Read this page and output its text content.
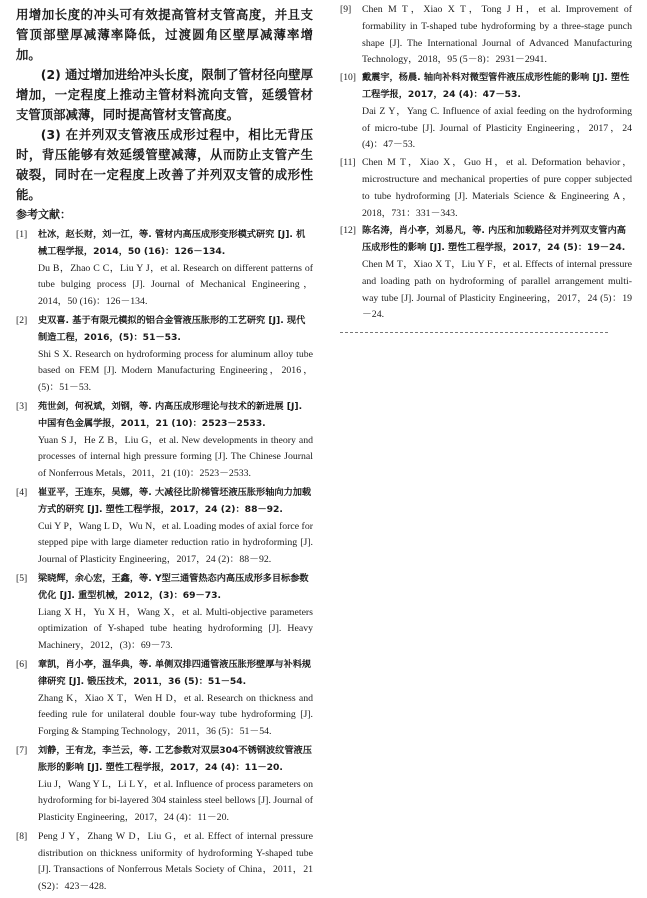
用增加长度的冲头可有效提高管材支管高度，并且支管顶部壁厚减薄率降低，过渡圆角区壁厚减薄率增加。

(2) 通过增加进给冲头长度，限制了管材径向壁厚增加，一定程度上推动主管材料流向支管，延缓管材支管顶部减薄，同时提高管材支管高度。

(3) 在并列双支管液压成形过程中，相比无背压时，背压能够有效延缓管壁减薄，从而防止支管产生破裂，同时在一定程度上改善了并列双支管的成形性能。

参考文献：
[1]	杜冰，赵长财，刘一江，等. 管材内高压成形变形模式研究 [J]. 机械工程学报，2014，50 (16)：126－134.

Du B，Zhao C C，Liu Y J，et al. Research on different patterns of tube bulging process [J]. Journal of Mechanical Engineering，2014，50 (16)：126－134.

[2]	史双喜. 基于有限元模拟的铝合金管液压胀形的工艺研究 [J]. 现代制造工程，2016，(5)：51－53.

Shi S X. Research on hydroforming process for aluminum alloy tube based on FEM [J]. Modern Manufacturing Engineering，2016，(5)：51－53.

[3]	苑世剑，何祝斌，刘钢，等. 内高压成形理论与技术的新进展 [J]. 中国有色金属学报，2011，21 (10)：2523－2533.

Yuan S J，He Z B，Liu G，et al. New developments in theory and processes of internal high pressure forming [J]. The Chinese Journal of Nonferrous Metals，2011，21 (10)：2523－2533.

[4]	崔亚平，王连东，吴娜，等. 大减径比阶梯管坯液压胀形轴向力加载方式的研究 [J]. 塑性工程学报，2017，24 (2)：88－92.

Cui Y P，Wang L D，Wu N，et al. Loading modes of axial force for stepped pipe with large diameter reduction ratio in hydroforming [J]. Journal of Plasticity Engineering，2017，24 (2)：88－92.

[5]	梁晓辉，余心宏，王鑫，等. Y型三通管热态内高压成形多目标参数优化 [J]. 重型机械，2012，(3)：69－73.

Liang X H，Yu X H，Wang X，et al. Multi-objective parameters optimization of Y-shaped tube heating hydroforming [J]. Heavy Machinery，2012，(3)：69－73.

[6]	章凯，肖小亭，温华典，等. 单侧双排四通管液压胀形壁厚与补料规律研究 [J]. 锻压技术，2011，36 (5)：51－54.

Zhang K，Xiao X T，Wen H D，et al. Research on thickness and feeding rule for unilateral double four-way tube hydroforming [J]. Forging & Stamping Technology，2011，36 (5)：51－54.

[7]	刘静，王有龙，李兰云，等. 工艺参数对双层304不锈钢波纹管液压胀形的影响 [J]. 塑性工程学报，2017，24 (4)：11－20.

Liu J，Wang Y L，Li L Y，et al. Influence of process parameters on hydroforming for bi-layered 304 stainless steel bellows [J]. Journal of Plasticity Engineering，2017，24 (4)：11－20.

[8]	Peng J Y，Zhang W D，Liu G，et al. Effect of internal pressure distribution on thickness uniformity of hydroforming Y-shaped tube [J]. Transactions of Nonferrous Metals Society of China，2011，21 (S2)：423－428.

[9]	Chen M T，Xiao X T，Tong J H，et al. Improvement of formability in T-shaped tube hydroforming by a three-stage punch shape [J]. The International Journal of Advanced Manufacturing Technology，2018，95 (5－8)：2931－2941.

[10] 戴震宇，杨晨. 轴向补料对微型管件液压成形性能的影响 [J]. 塑性工程学报，2017，24 (4)：47－53.

Dai Z Y，Yang C. Influence of axial feeding on the hydroforming of micro-tube [J]. Journal of Plasticity Engineering，2017，24 (4)：47－53.

[11] Chen M T，Xiao X，Guo H，et al. Deformation behavior，microstructure and mechanical properties of pure copper subjected to tube hydroforming [J]. Materials Science & Engineering A，2018，731：331－343.

[12] 陈名涛，肖小亭，刘易凡，等. 内压和加载路径对并列双支管内高压成形性的影响 [J]. 塑性工程学报，2017，24 (5)：19－24.

Chen M T，Xiao X T，Liu Y F，et al. Effects of internal pressure and loading path on hydroforming of parallel arrangement multi-way tube [J]. Journal of Plasticity Engineering，2017，24 (5)：19－24.
